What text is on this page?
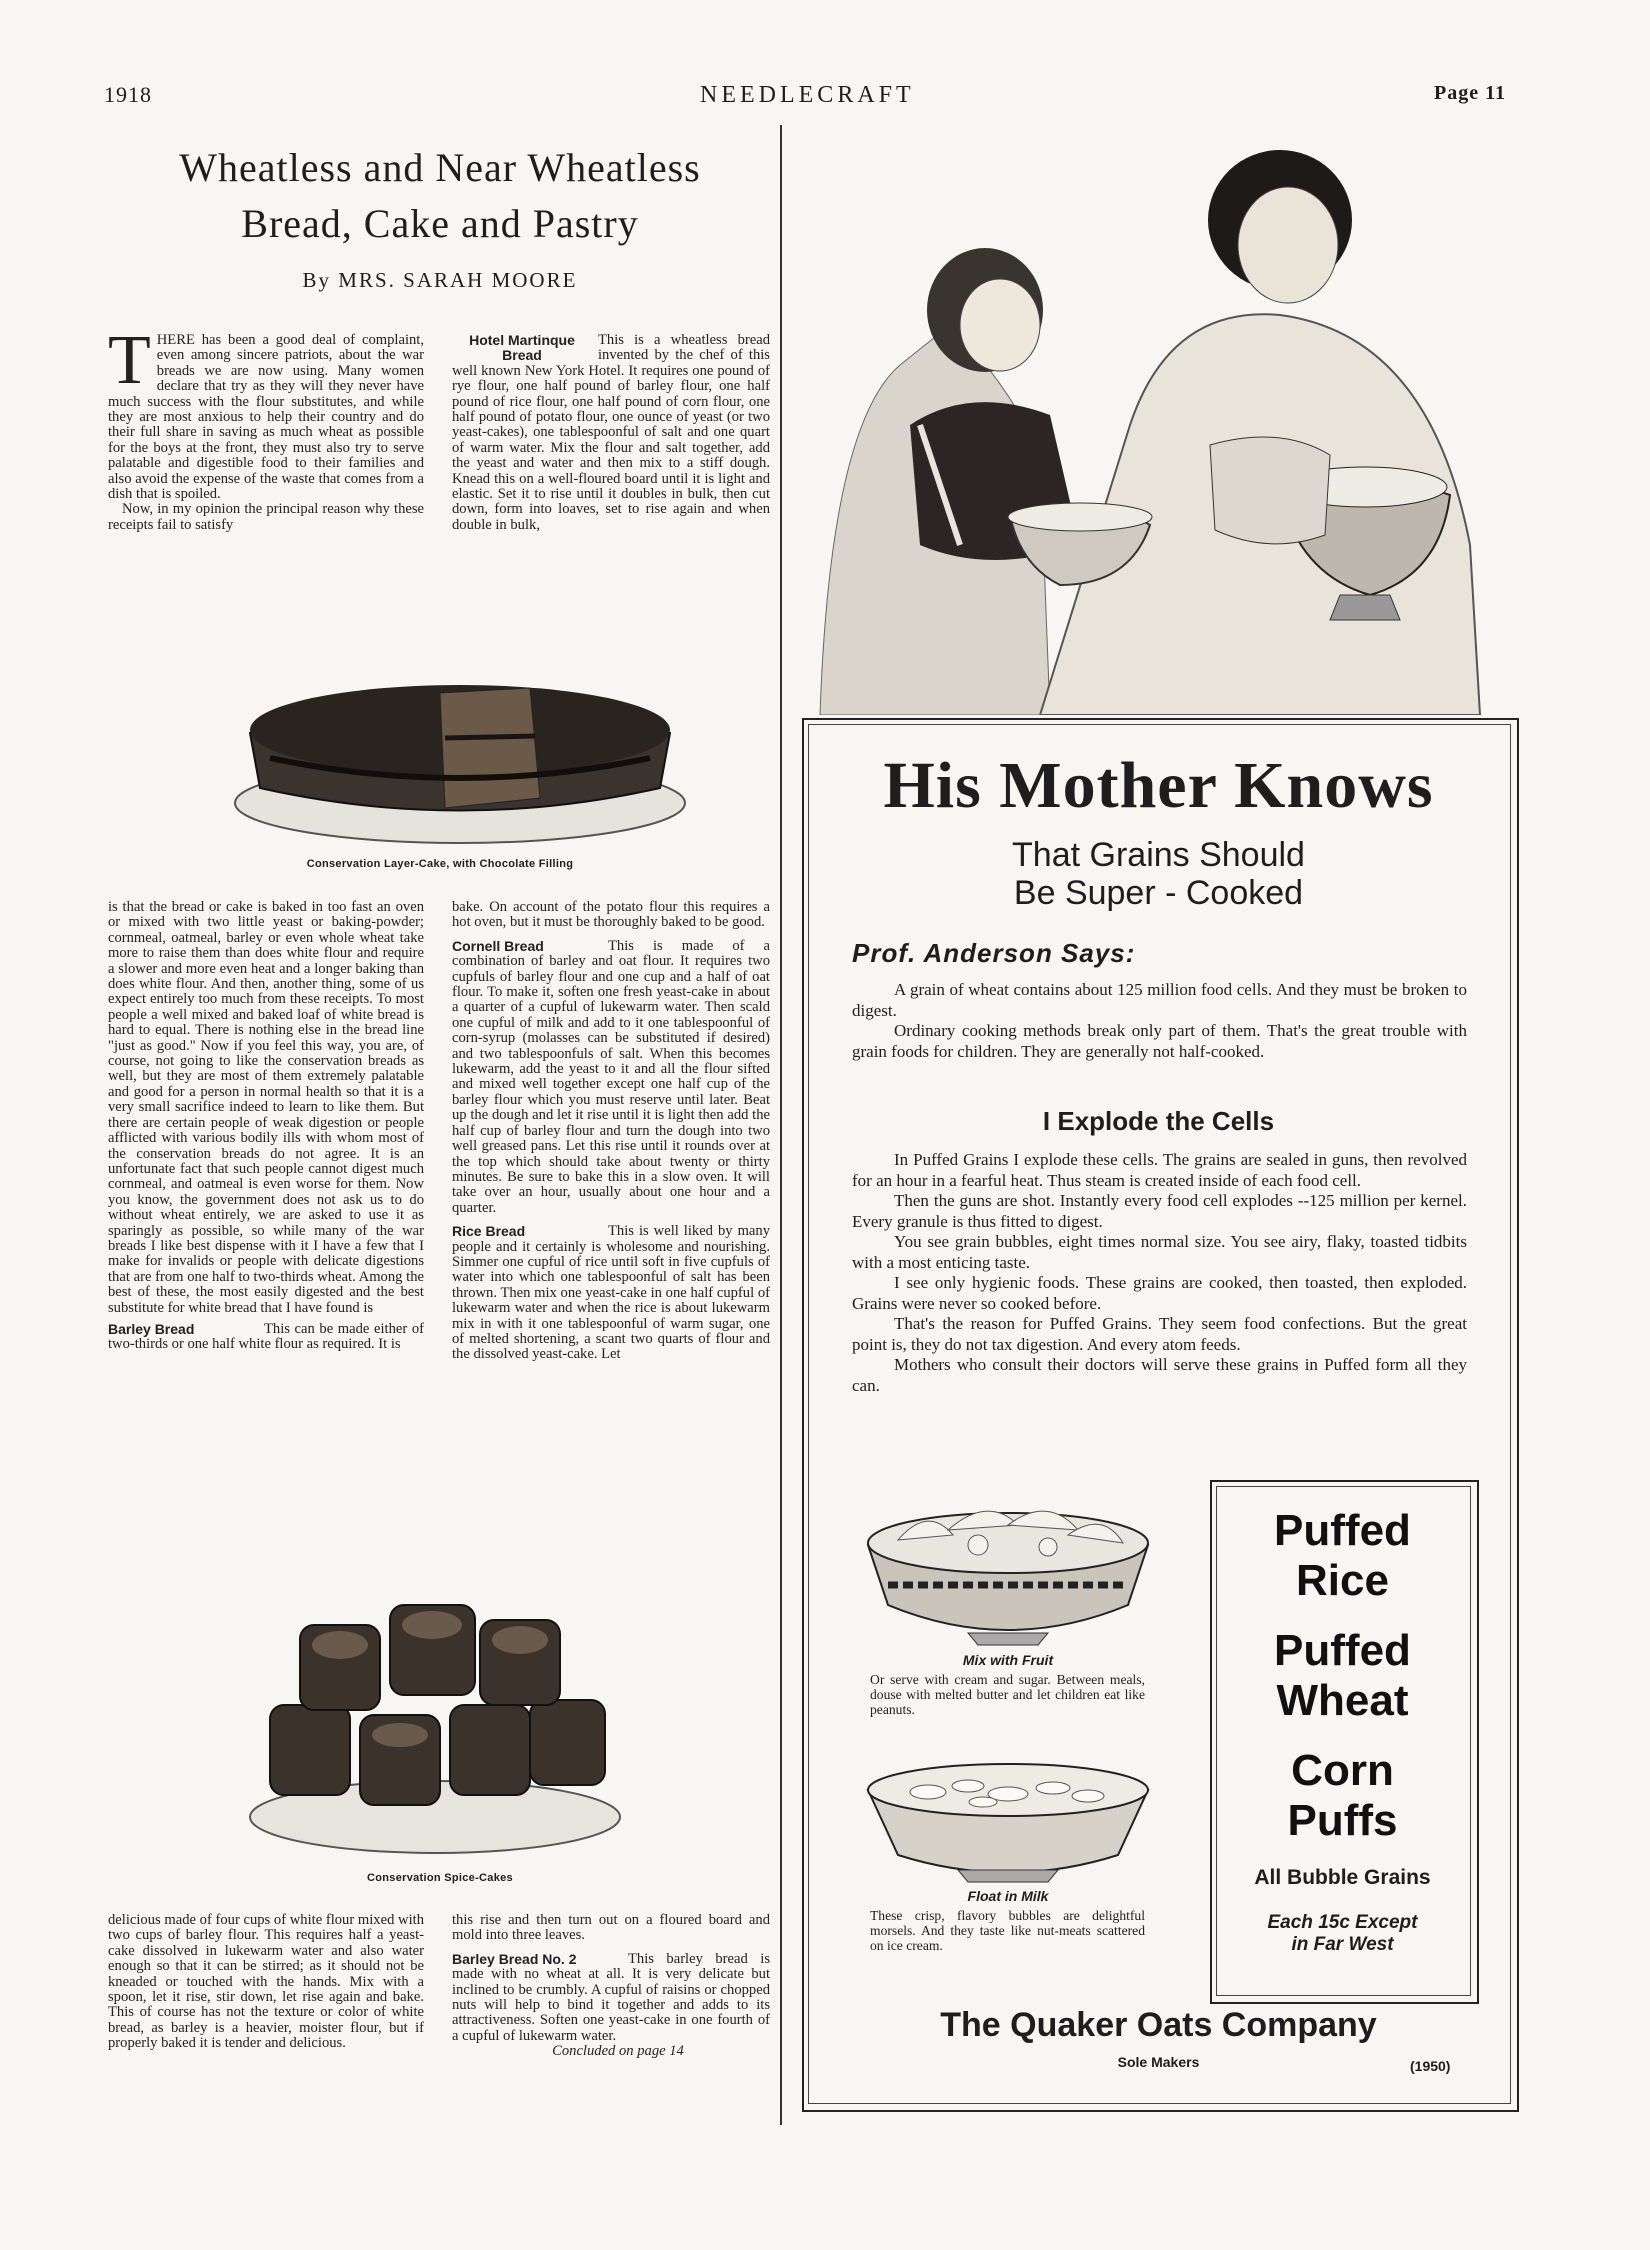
1918	NEEDLECRAFT	Page 11
Wheatless and Near Wheatless
Bread, Cake and Pastry
By MRS. SARAH MOORE

THERE has been a good deal of complaint, even among sincere patriots, about the war breads we are now using. Many women declare that try as they will they never have much success with the flour substitutes, and while they are most anxious to help their country and do their full share in saving as much wheat as possible for the boys at the front, they must also try to serve palatable and digestible food to their families and also avoid the expense of the waste that comes from a dish that is spoiled.

Now, in my opinion the principal reason why these receipts fail to satisfy

Hotel Martinque Bread
This is a wheatless bread invented by the chef of this well known New York Hotel. It requires one pound of rye flour, one half pound of barley flour, one half pound of rice flour, one half pound of corn flour, one half pound of potato flour, one ounce of yeast (or two yeast-cakes), one tablespoonful of salt and one quart of warm water. Mix the flour and salt together, add the yeast and water and then mix to a stiff dough. Knead this on a well-floured board until it is light and elastic. Set it to rise until it doubles in bulk, then cut down, form into loaves, set to rise again and when double in bulk,

Conservation Layer-Cake, with Chocolate Filling

is that the bread or cake is baked in too fast an oven or mixed with two little yeast or baking-powder; cornmeal, oatmeal, barley or even whole wheat take more to raise them than does white flour and require a slower and more even heat and a longer baking than does white flour. And then, another thing, some of us expect entirely too much from these receipts. To most people a well mixed and baked loaf of white bread is hard to equal. There is nothing else in the bread line "just as good." Now if you feel this way, you are, of course, not going to like the conservation breads as well, but they are most of them extremely palatable and good for a person in normal health so that it is a very small sacrifice indeed to learn to like them. But there are certain people of weak digestion or people afflicted with various bodily ills with whom most of the conservation breads do not agree. It is an unfortunate fact that such people cannot digest much cornmeal, and oatmeal is even worse for them. Now you know, the government does not ask us to do without wheat entirely, we are asked to use it as sparingly as possible, so while many of the war breads I like best dispense with it I have a few that I make for invalids or people with delicate digestions that are from one half to two-thirds wheat. Among the best of these, the most easily digested and the best substitute for white bread that I have found is

Barley Bread	This can be made either of two-thirds or one half white flour as required. It is

bake. On account of the potato flour this requires a hot oven, but it must be thoroughly baked to be good.

Cornell Bread	This is made of a combination of barley and oat flour. It requires two cupfuls of barley flour and one cup and a half of oat flour. To make it, soften one fresh yeast-cake in about a quarter of a cupful of lukewarm water. Then scald one cupful of milk and add to it one tablespoonful of corn-syrup (molasses can be substituted if desired) and two tablespoonfuls of salt. When this becomes lukewarm, add the yeast to it and all the flour sifted and mixed well together except one half cup of the barley flour which you must reserve until later. Beat up the dough and let it rise until it is light then add the half cup of barley flour and turn the dough into two well greased pans. Let this rise until it rounds over at the top which should take about twenty or thirty minutes. Be sure to bake this in a slow oven. It will take over an hour, usually about one hour and a quarter.

Rice Bread	This is well liked by many people and it certainly is wholesome and nourishing. Simmer one cupful of rice until soft in five cupfuls of water into which one tablespoonful of salt has been thrown. Then mix one yeast-cake in one half cupful of lukewarm water and when the rice is about lukewarm mix in with it one tablespoonful of warm sugar, one of melted shortening, a scant two quarts of flour and the dissolved yeast-cake. Let

Conservation Spice-Cakes

delicious made of four cups of white flour mixed with two cups of barley flour. This requires half a yeast-cake dissolved in lukewarm water and also water enough so that it can be stirred; as it should not be kneaded or touched with the hands. Mix with a spoon, let it rise, stir down, let rise again and bake. This of course has not the texture or color of white bread, as barley is a heavier, moister flour, but if properly baked it is tender and delicious.

this rise and then turn out on a floured board and mold into three leaves.

Barley Bread No. 2	This barley bread is made with no wheat at all. It is very delicate but inclined to be crumbly. A cupful of raisins or chopped nuts will help to bind it together and adds to its attractiveness. Soften one yeast-cake in one fourth of a cupful of lukewarm water.

Concluded on page 14

His Mother Knows
That Grains Should
Be Super - Cooked
Prof. Anderson Says:

A grain of wheat contains about 125 million food cells. And they must be broken to digest.

Ordinary cooking methods break only part of them. That's the great trouble with grain foods for children. They are generally not half-cooked.

I Explode the Cells

In Puffed Grains I explode these cells. The grains are sealed in guns, then revolved for an hour in a fearful heat. Thus steam is created inside of each food cell.

Then the guns are shot. Instantly every food cell explodes --125 million per kernel. Every granule is thus fitted to digest.

You see grain bubbles, eight times normal size. You see airy, flaky, toasted tidbits with a most enticing taste.

I see only hygienic foods. These grains are cooked, then toasted, then exploded. Grains were never so cooked before.

That's the reason for Puffed Grains. They seem food confections. But the great point is, they do not tax digestion. And every atom feeds.

Mothers who consult their doctors will serve these grains in Puffed form all they can.

Mix with Fruit
Or serve with cream and sugar. Between meals, douse with melted butter and let children eat like peanuts.
Float in Milk
These crisp, flavory bubbles are delightful morsels. And they taste like nut-meats scattered on ice cream.
Puffed
Rice
Puffed
Wheat
Corn
Puffs
All Bubble Grains
Each 15c Except
in Far West
The Quaker Oats Company
Sole Makers	(1950)
